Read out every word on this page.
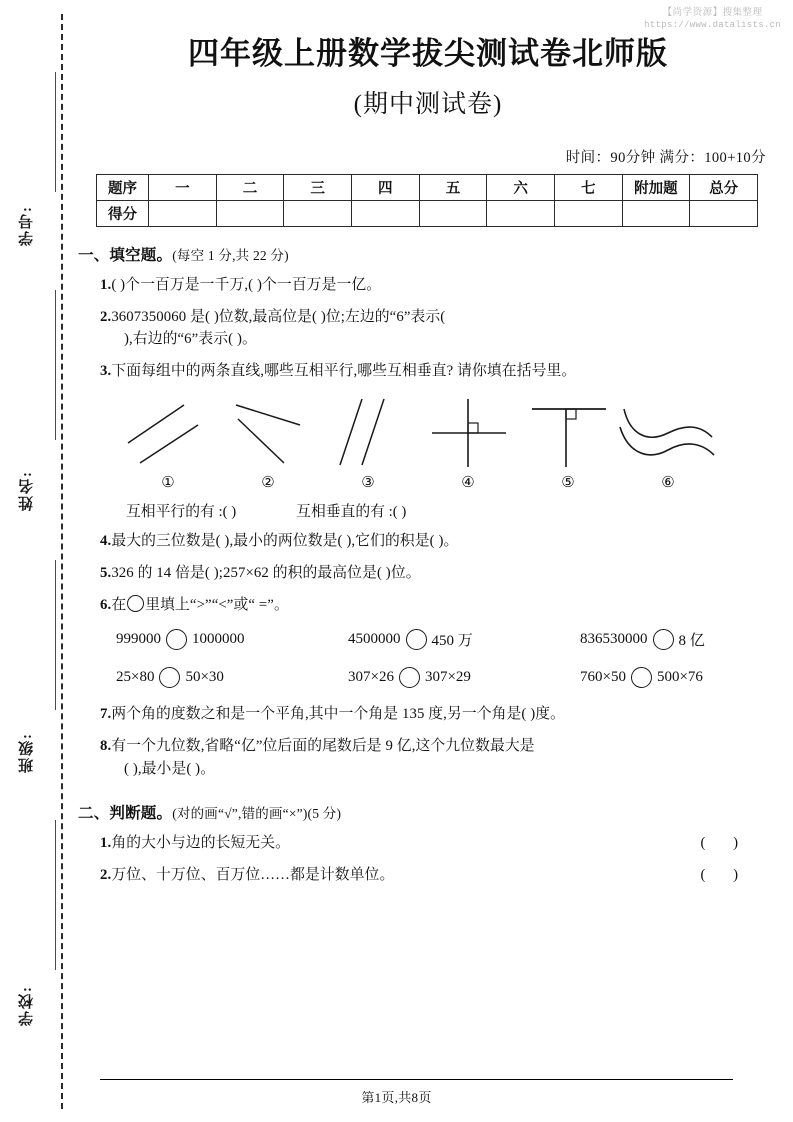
学号:
姓名:
班级:
学校:
【尚学资源】搜集整理
https://www.datalists.cn
四年级上册数学拔尖测试卷北师版
(期中测试卷)
时间：90分钟 满分：100+10分
题序	一	二	三	四	五	六	七	附加题	总分
得分									
一、填空题。(每空 1 分,共 22 分)
1.( )个一百万是一千万,( )个一百万是一亿。
2.3607350060 是( )位数,最高位是( )位;左边的“6”表示(
),右边的“6”表示( )。
3.下面每组中的两条直线,哪些互相平行,哪些互相垂直? 请你填在括号里。
①	②	③	④	⑤	⑥
互相平行的有 :( )	互相垂直的有 :( )
4.最大的三位数是( ),最小的两位数是( ),它们的积是( )。
5.326 的 14 倍是( );257×62 的积的最高位是( )位。
6.在 里填上“>”“<”或“ =”。
999000 1000000	4500000 450 万	836530000 8 亿
25×80 50×30	307×26 307×29	760×50 500×76
7.两个角的度数之和是一个平角,其中一个角是 135 度,另一个角是( )度。
8.有一个九位数,省略“亿”位后面的尾数后是 9 亿,这个九位数最大是
( ),最小是( )。
二、判断题。(对的画“√”,错的画“×”)(5 分)
1.角的大小与边的长短无关。	( )
2.万位、十万位、百万位……都是计数单位。	( )
第1页,共8页
